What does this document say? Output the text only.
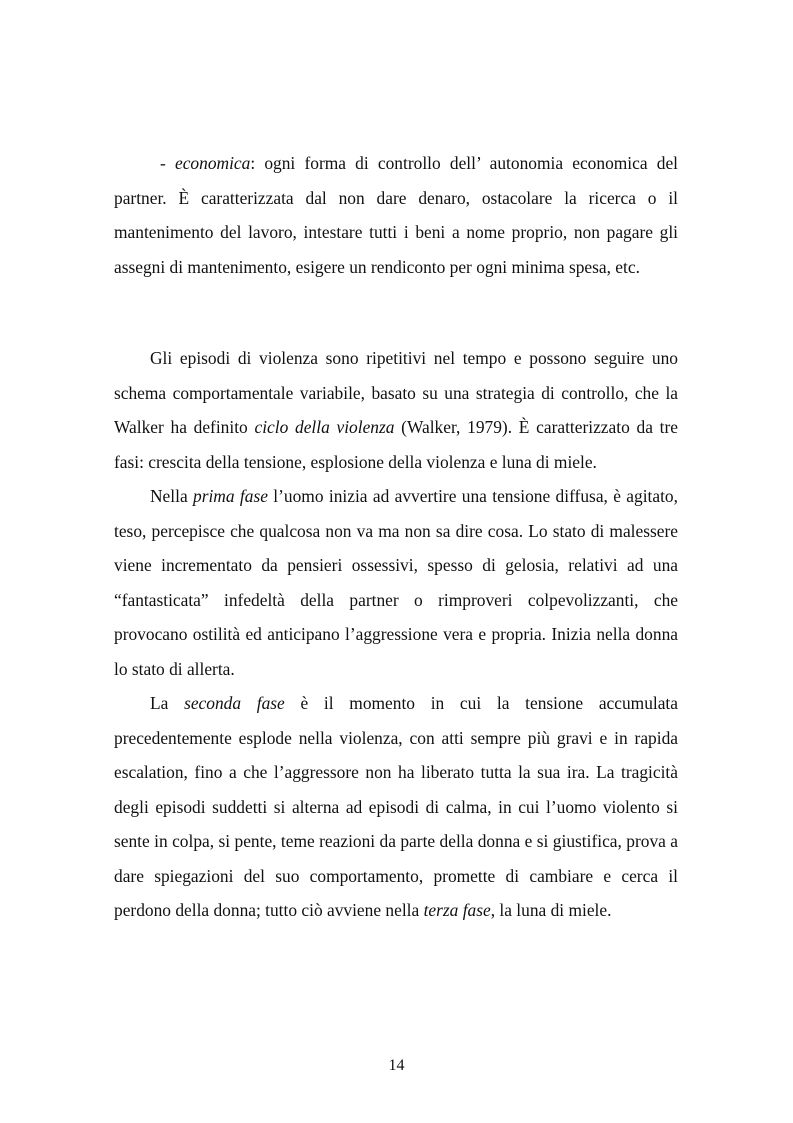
- economica: ogni forma di controllo dell’ autonomia economica del partner. È caratterizzata dal non dare denaro, ostacolare la ricerca o il mantenimento del lavoro, intestare tutti i beni a nome proprio, non pagare gli assegni di mantenimento, esigere un rendiconto per ogni minima spesa, etc.

Gli episodi di violenza sono ripetitivi nel tempo e possono seguire uno schema comportamentale variabile, basato su una strategia di controllo, che la Walker ha definito ciclo della violenza (Walker, 1979). È caratterizzato da tre fasi: crescita della tensione, esplosione della violenza e luna di miele.

Nella prima fase l’uomo inizia ad avvertire una tensione diffusa, è agitato, teso, percepisce che qualcosa non va ma non sa dire cosa. Lo stato di malessere viene incrementato da pensieri ossessivi, spesso di gelosia, relativi ad una “fantasticata” infedeltà della partner o rimproveri colpevolizzanti, che provocano ostilità ed anticipano l’aggressione vera e propria. Inizia nella donna lo stato di allerta.

La seconda fase è il momento in cui la tensione accumulata precedentemente esplode nella violenza, con atti sempre più gravi e in rapida escalation, fino a che l’aggressore non ha liberato tutta la sua ira. La tragicità degli episodi suddetti si alterna ad episodi di calma, in cui l’uomo violento si sente in colpa, si pente, teme reazioni da parte della donna e si giustifica, prova a dare spiegazioni del suo comportamento, promette di cambiare e cerca il perdono della donna; tutto ciò avviene nella terza fase, la luna di miele.

14
